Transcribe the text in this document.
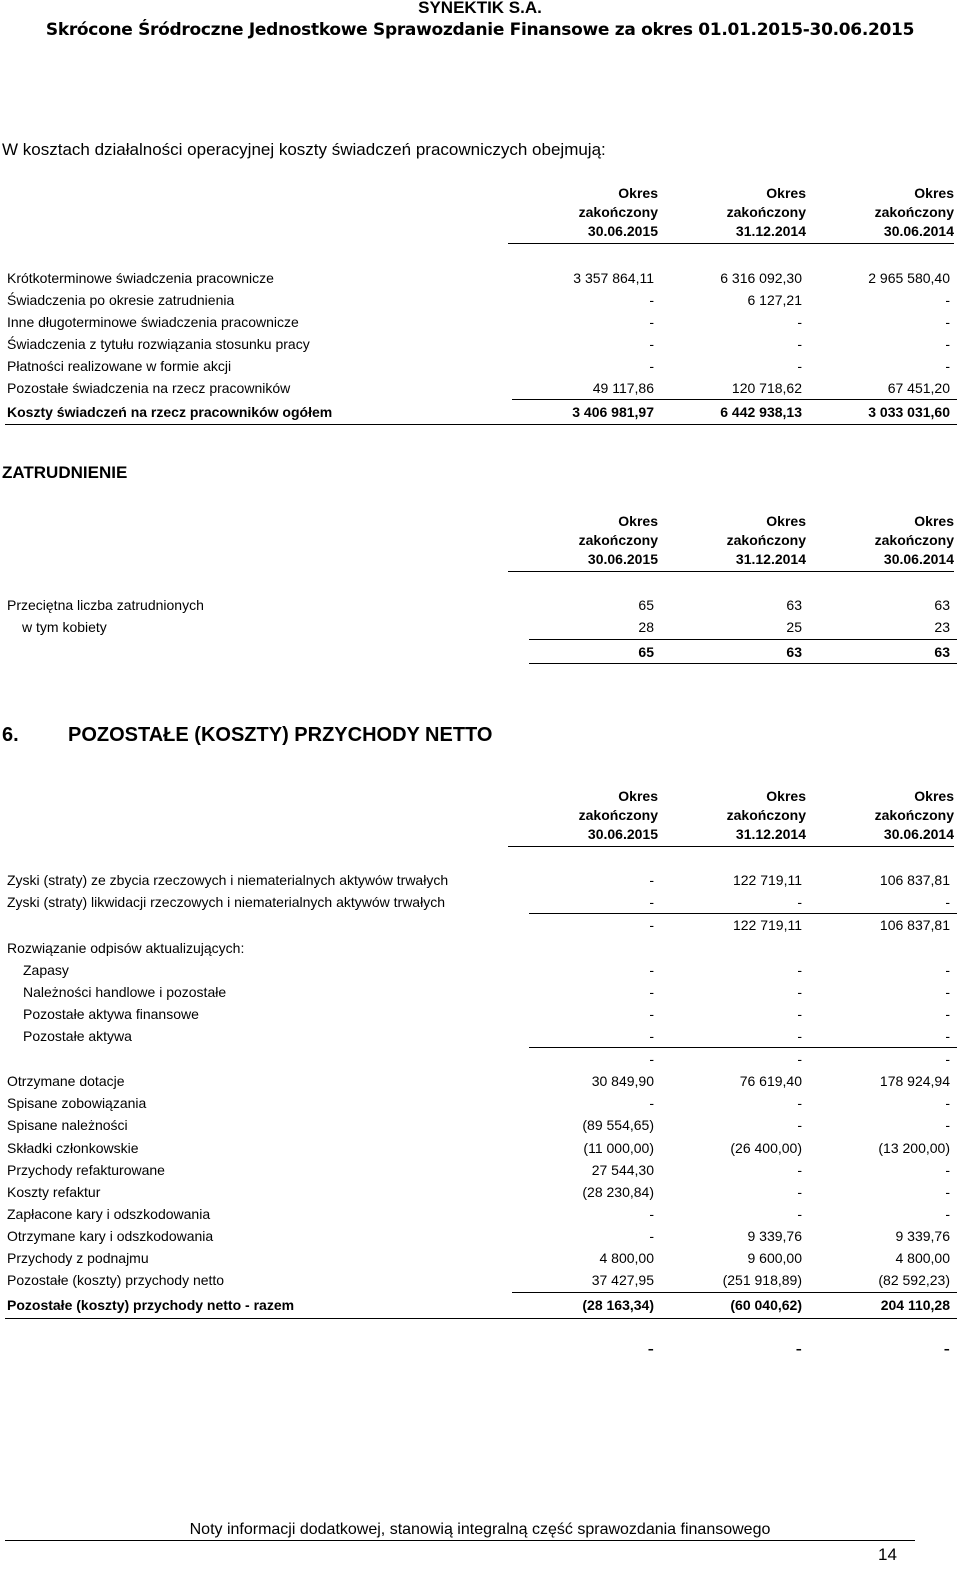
SYNEKTIK S.A.
Skrócone Śródroczne Jednostkowe Sprawozdanie Finansowe za okres 01.01.2015-30.06.2015
W kosztach działalności operacyjnej koszty świadczeń pracowniczych obejmują:
Okres
zakończony
30.06.2015
Okres
zakończony
31.12.2014
Okres
zakończony
30.06.2014
Krótkoterminowe świadczenia pracownicze	3 357 864,11	6 316 092,30	2 965 580,40
Świadczenia po okresie zatrudnienia	-	6 127,21	-
Inne długoterminowe świadczenia pracownicze	-	-	-
Świadczenia z tytułu rozwiązania stosunku pracy	-	-	-
Płatności realizowane w formie akcji	-	-	-
Pozostałe świadczenia na rzecz pracowników	49 117,86	120 718,62	67 451,20
Koszty świadczeń na rzecz pracowników ogółem	3 406 981,97	6 442 938,13	3 033 031,60
ZATRUDNIENIE
Okres
zakończony
30.06.2015
Okres
zakończony
31.12.2014
Okres
zakończony
30.06.2014
Przeciętna liczba zatrudnionych	65	63	63
w tym kobiety	28	25	23
65	63	63
6. POZOSTAŁE (KOSZTY) PRZYCHODY NETTO
Okres
zakończony
30.06.2015
Okres
zakończony
31.12.2014
Okres
zakończony
30.06.2014
Zyski (straty) ze zbycia rzeczowych i niematerialnych aktywów trwałych	-	122 719,11	106 837,81
Zyski (straty) likwidacji rzeczowych i niematerialnych aktywów trwałych	-	-	-
-	122 719,11	106 837,81
Rozwiązanie odpisów aktualizujących:
Zapasy	-	-	-
Należności handlowe i pozostałe	-	-	-
Pozostałe aktywa finansowe	-	-	-
Pozostałe aktywa	-	-	-
-	-	-
Otrzymane dotacje	30 849,90	76 619,40	178 924,94
Spisane zobowiązania	-	-	-
Spisane należności	(89 554,65)	-	-
Składki członkowskie	(11 000,00)	(26 400,00)	(13 200,00)
Przychody refakturowane	27 544,30	-	-
Koszty refaktur	(28 230,84)	-	-
Zapłacone kary i odszkodowania	-	-	-
Otrzymane kary i odszkodowania	-	9 339,76	9 339,76
Przychody z podnajmu	4 800,00	9 600,00	4 800,00
Pozostałe (koszty) przychody netto	37 427,95	(251 918,89)	(82 592,23)
Pozostałe (koszty) przychody netto - razem	(28 163,34)	(60 040,62)	204 110,28
-	-	-
Noty informacji dodatkowej, stanowią integralną część sprawozdania finansowego
14
